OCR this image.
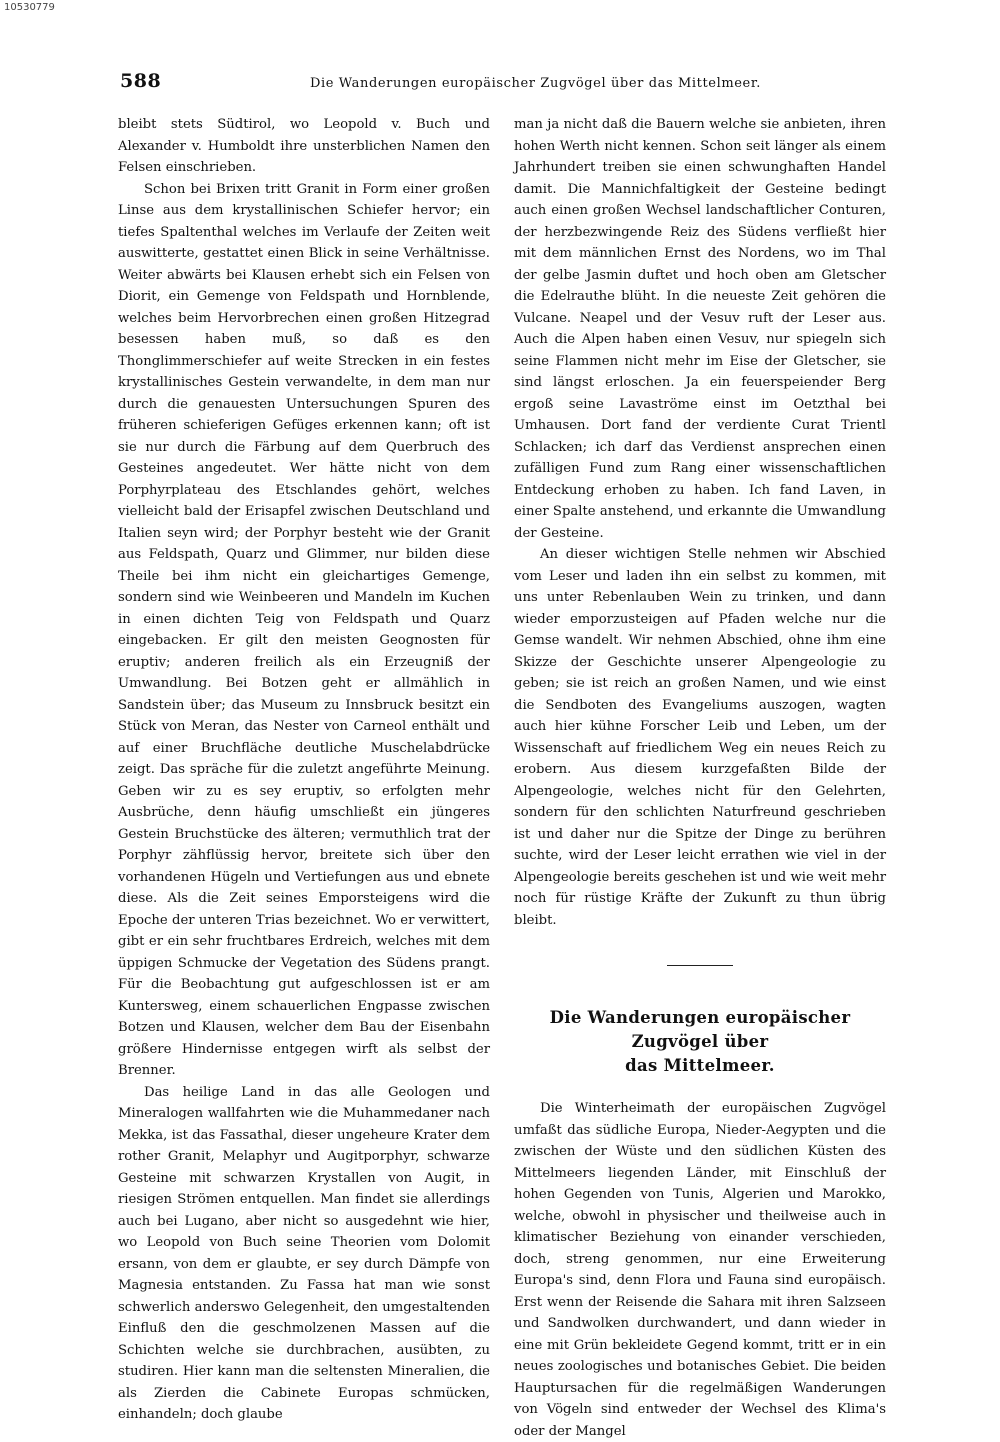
10530779
588	Die Wanderungen europäischer Zugvögel über das Mittelmeer.

bleibt stets Südtirol, wo Leopold v. Buch und Alexander v. Humboldt ihre unsterblichen Namen den Felsen einschrieben.

Schon bei Brixen tritt Granit in Form einer großen Linse aus dem krystallinischen Schiefer hervor; ein tiefes Spaltenthal welches im Verlaufe der Zeiten weit auswitterte, gestattet einen Blick in seine Verhältnisse. Weiter abwärts bei Klausen erhebt sich ein Felsen von Diorit, ein Gemenge von Feldspath und Hornblende, welches beim Hervorbrechen einen großen Hitzegrad besessen haben muß, so daß es den Thonglimmerschiefer auf weite Strecken in ein festes krystallinisches Gestein verwandelte, in dem man nur durch die genauesten Untersuchungen Spuren des früheren schieferigen Gefüges erkennen kann; oft ist sie nur durch die Färbung auf dem Querbruch des Gesteines angedeutet. Wer hätte nicht von dem Porphyrplateau des Etschlandes gehört, welches vielleicht bald der Erisapfel zwischen Deutschland und Italien seyn wird; der Porphyr besteht wie der Granit aus Feldspath, Quarz und Glimmer, nur bilden diese Theile bei ihm nicht ein gleichartiges Gemenge, sondern sind wie Weinbeeren und Mandeln im Kuchen in einen dichten Teig von Feldspath und Quarz eingebacken. Er gilt den meisten Geognosten für eruptiv; anderen freilich als ein Erzeugniß der Umwandlung. Bei Botzen geht er allmählich in Sandstein über; das Museum zu Innsbruck besitzt ein Stück von Meran, das Nester von Carneol enthält und auf einer Bruchfläche deutliche Muschelabdrücke zeigt. Das spräche für die zuletzt angeführte Meinung. Geben wir zu es sey eruptiv, so erfolgten mehr Ausbrüche, denn häufig umschließt ein jüngeres Gestein Bruchstücke des älteren; vermuthlich trat der Porphyr zähflüssig hervor, breitete sich über den vorhandenen Hügeln und Vertiefungen aus und ebnete diese. Als die Zeit seines Emporsteigens wird die Epoche der unteren Trias bezeichnet. Wo er verwittert, gibt er ein sehr fruchtbares Erdreich, welches mit dem üppigen Schmucke der Vegetation des Südens prangt. Für die Beobachtung gut aufgeschlossen ist er am Kuntersweg, einem schauerlichen Engpasse zwischen Botzen und Klausen, welcher dem Bau der Eisenbahn größere Hindernisse entgegen wirft als selbst der Brenner.

Das heilige Land in das alle Geologen und Mineralogen wallfahrten wie die Muhammedaner nach Mekka, ist das Fassathal, dieser ungeheure Krater dem rother Granit, Melaphyr und Augitporphyr, schwarze Gesteine mit schwarzen Krystallen von Augit, in riesigen Strömen entquellen. Man findet sie allerdings auch bei Lugano, aber nicht so ausgedehnt wie hier, wo Leopold von Buch seine Theorien vom Dolomit ersann, von dem er glaubte, er sey durch Dämpfe von Magnesia entstanden. Zu Fassa hat man wie sonst schwerlich anderswo Gelegenheit, den umgestaltenden Einfluß den die geschmolzenen Massen auf die Schichten welche sie durchbrachen, ausübten, zu studiren. Hier kann man die seltensten Mineralien, die als Zierden die Cabinete Europas schmücken, einhandeln; doch glaube

man ja nicht daß die Bauern welche sie anbieten, ihren hohen Werth nicht kennen. Schon seit länger als einem Jahrhundert treiben sie einen schwunghaften Handel damit. Die Mannichfaltigkeit der Gesteine bedingt auch einen großen Wechsel landschaftlicher Conturen, der herzbezwingende Reiz des Südens verfließt hier mit dem männlichen Ernst des Nordens, wo im Thal der gelbe Jasmin duftet und hoch oben am Gletscher die Edelrauthe blüht. In die neueste Zeit gehören die Vulcane. Neapel und der Vesuv ruft der Leser aus. Auch die Alpen haben einen Vesuv, nur spiegeln sich seine Flammen nicht mehr im Eise der Gletscher, sie sind längst erloschen. Ja ein feuerspeiender Berg ergoß seine Lavaströme einst im Oetzthal bei Umhausen. Dort fand der verdiente Curat Trientl Schlacken; ich darf das Verdienst ansprechen einen zufälligen Fund zum Rang einer wissenschaftlichen Entdeckung erhoben zu haben. Ich fand Laven, in einer Spalte anstehend, und erkannte die Umwandlung der Gesteine.

An dieser wichtigen Stelle nehmen wir Abschied vom Leser und laden ihn ein selbst zu kommen, mit uns unter Rebenlauben Wein zu trinken, und dann wieder emporzusteigen auf Pfaden welche nur die Gemse wandelt. Wir nehmen Abschied, ohne ihm eine Skizze der Geschichte unserer Alpengeologie zu geben; sie ist reich an großen Namen, und wie einst die Sendboten des Evangeliums auszogen, wagten auch hier kühne Forscher Leib und Leben, um der Wissenschaft auf friedlichem Weg ein neues Reich zu erobern. Aus diesem kurzgefaßten Bilde der Alpengeologie, welches nicht für den Gelehrten, sondern für den schlichten Naturfreund geschrieben ist und daher nur die Spitze der Dinge zu berühren suchte, wird der Leser leicht errathen wie viel in der Alpengeologie bereits geschehen ist und wie weit mehr noch für rüstige Kräfte der Zukunft zu thun übrig bleibt.

Die Wanderungen europäischer Zugvögel über
das Mittelmeer.

Die Winterheimath der europäischen Zugvögel umfaßt das südliche Europa, Nieder-Aegypten und die zwischen der Wüste und den südlichen Küsten des Mittelmeers liegenden Länder, mit Einschluß der hohen Gegenden von Tunis, Algerien und Marokko, welche, obwohl in physischer und theilweise auch in klimatischer Beziehung von einander verschieden, doch, streng genommen, nur eine Erweiterung Europa's sind, denn Flora und Fauna sind europäisch. Erst wenn der Reisende die Sahara mit ihren Salzseen und Sandwolken durchwandert, und dann wieder in eine mit Grün bekleidete Gegend kommt, tritt er in ein neues zoologisches und botanisches Gebiet. Die beiden Hauptursachen für die regelmäßigen Wanderungen von Vögeln sind entweder der Wechsel des Klima's oder der Mangel
